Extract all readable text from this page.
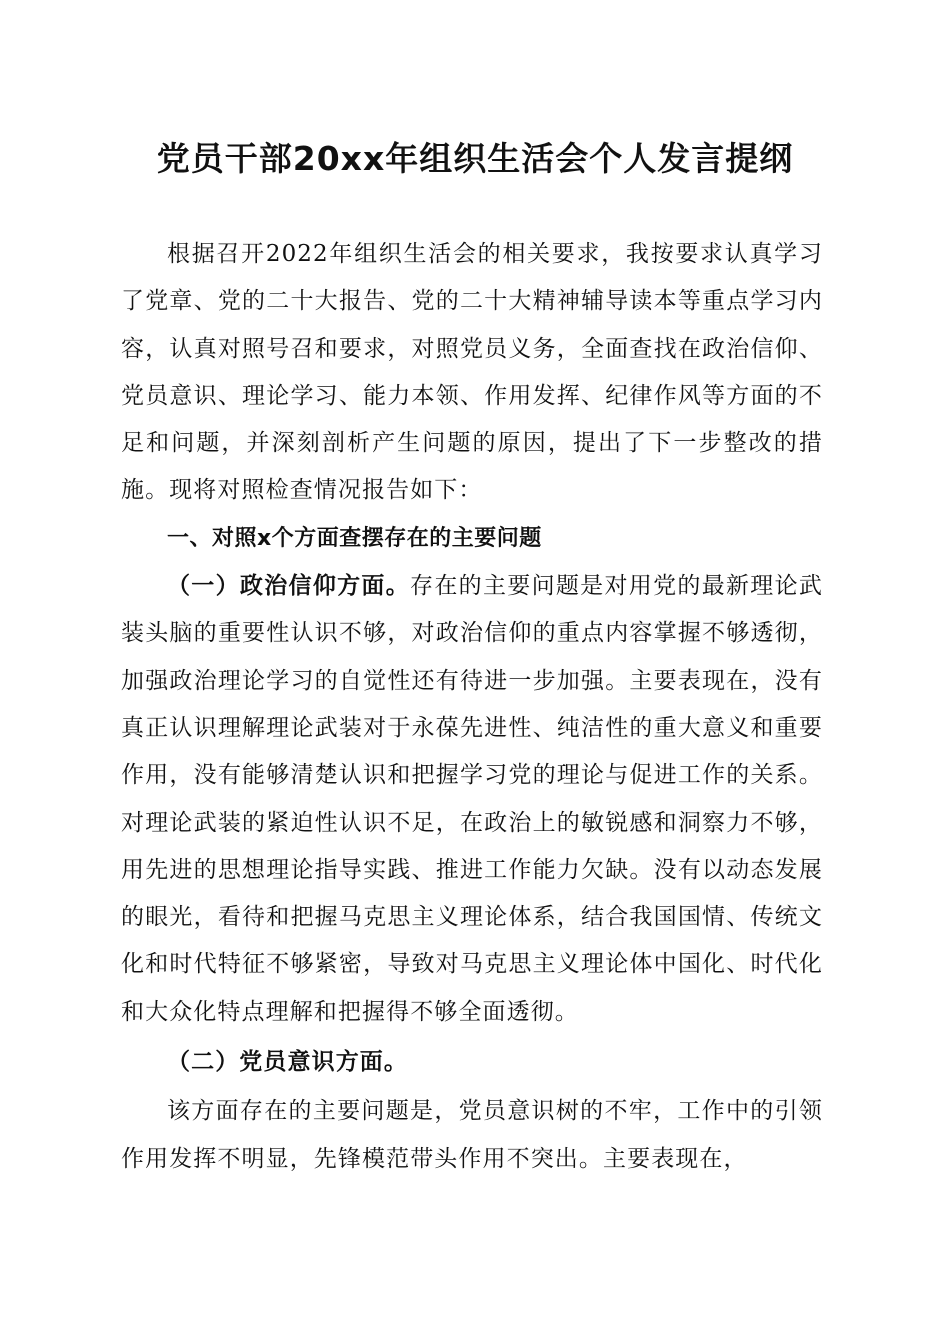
党员干部20xx年组织生活会个人发言提纲

根据召开2022年组织生活会的相关要求，我按要求认真学习了党章、党的二十大报告、党的二十大精神辅导读本等重点学习内容，认真对照号召和要求，对照党员义务，全面查找在政治信仰、党员意识、理论学习、能力本领、作用发挥、纪律作风等方面的不足和问题，并深刻剖析产生问题的原因，提出了下一步整改的措施。现将对照检查情况报告如下：

一、对照x个方面查摆存在的主要问题

（一）政治信仰方面。存在的主要问题是对用党的最新理论武装头脑的重要性认识不够，对政治信仰的重点内容掌握不够透彻，加强政治理论学习的自觉性还有待进一步加强。主要表现在，没有真正认识理解理论武装对于永葆先进性、纯洁性的重大意义和重要作用，没有能够清楚认识和把握学习党的理论与促进工作的关系。对理论武装的紧迫性认识不足，在政治上的敏锐感和洞察力不够，用先进的思想理论指导实践、推进工作能力欠缺。没有以动态发展的眼光，看待和把握马克思主义理论体系，结合我国国情、传统文化和时代特征不够紧密，导致对马克思主义理论体中国化、时代化和大众化特点理解和把握得不够全面透彻。

（二）党员意识方面。

该方面存在的主要问题是，党员意识树的不牢，工作中的引领作用发挥不明显，先锋模范带头作用不突出。主要表现在，
